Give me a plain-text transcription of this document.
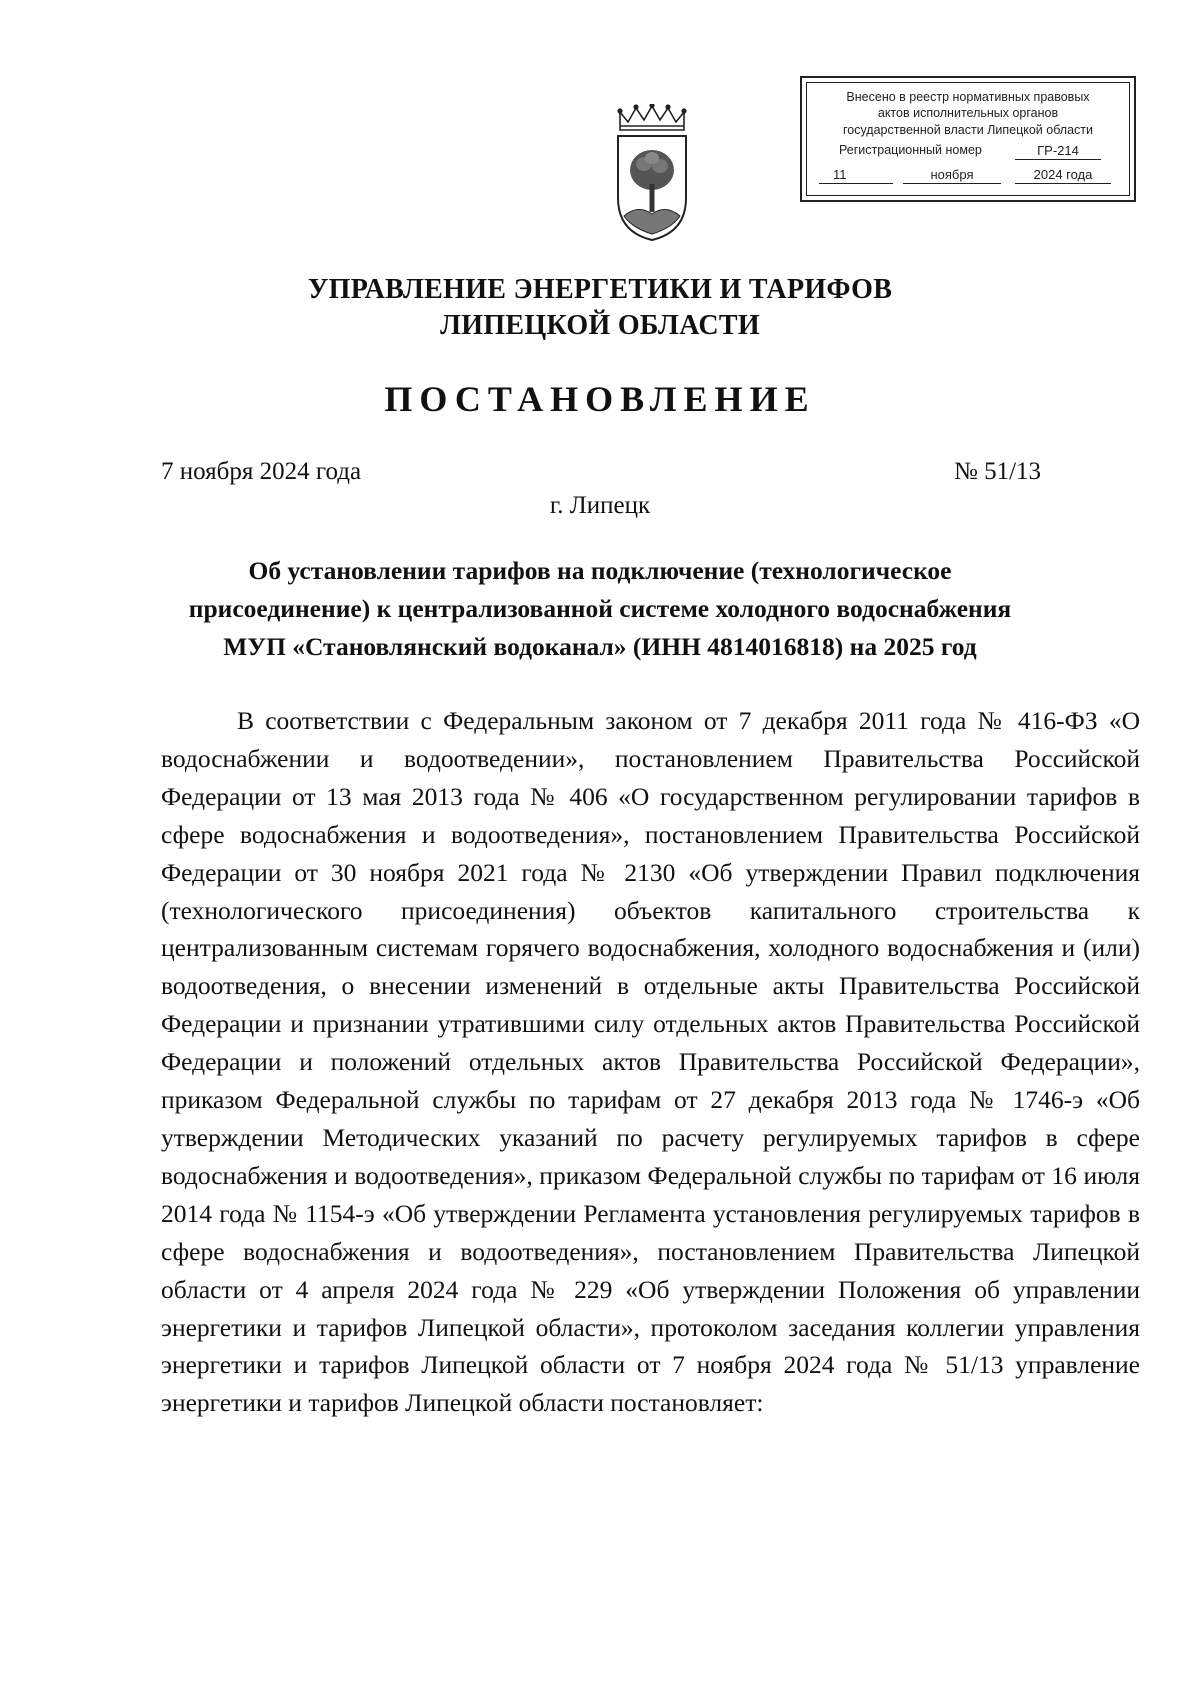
Внесено в реестр нормативных правовых
актов исполнительных органов
государственной власти Липецкой области
Регистрационный номер	ГР-214
11	ноября	2024 года
УПРАВЛЕНИЕ ЭНЕРГЕТИКИ И ТАРИФОВ
ЛИПЕЦКОЙ ОБЛАСТИ
ПОСТАНОВЛЕНИЕ
7 ноября 2024 года	№ 51/13
г. Липецк
Об установлении тарифов на подключение (технологическое
присоединение) к централизованной системе холодного водоснабжения
МУП «Становлянский водоканал» (ИНН 4814016818) на 2025 год

В соответствии с Федеральным законом от 7 декабря 2011 года № 416-ФЗ «О водоснабжении и водоотведении», постановлением Правительства Российской Федерации от 13 мая 2013 года № 406 «О государственном регулировании тарифов в сфере водоснабжения и водоотведения», постановлением Правительства Российской Федерации от 30 ноября 2021 года № 2130 «Об утверждении Правил подключения (технологического присоединения) объектов капитального строительства к централизованным системам горячего водоснабжения, холодного водоснабжения и (или) водоотведения, о внесении изменений в отдельные акты Правительства Российской Федерации и признании утратившими силу отдельных актов Правительства Российской Федерации и положений отдельных актов Правительства Российской Федерации», приказом Федеральной службы по тарифам от 27 декабря 2013 года № 1746-э «Об утверждении Методических указаний по расчету регулируемых тарифов в сфере водоснабжения и водоотведения», приказом Федеральной службы по тарифам от 16 июля 2014 года № 1154-э «Об утверждении Регламента установления регулируемых тарифов в сфере водоснабжения и водоотведения», постановлением Правительства Липецкой области от 4 апреля 2024 года № 229 «Об утверждении Положения об управлении энергетики и тарифов Липецкой области», протоколом заседания коллегии управления энергетики и тарифов Липецкой области от 7 ноября 2024 года № 51/13 управление энергетики и тарифов Липецкой области постановляет:
